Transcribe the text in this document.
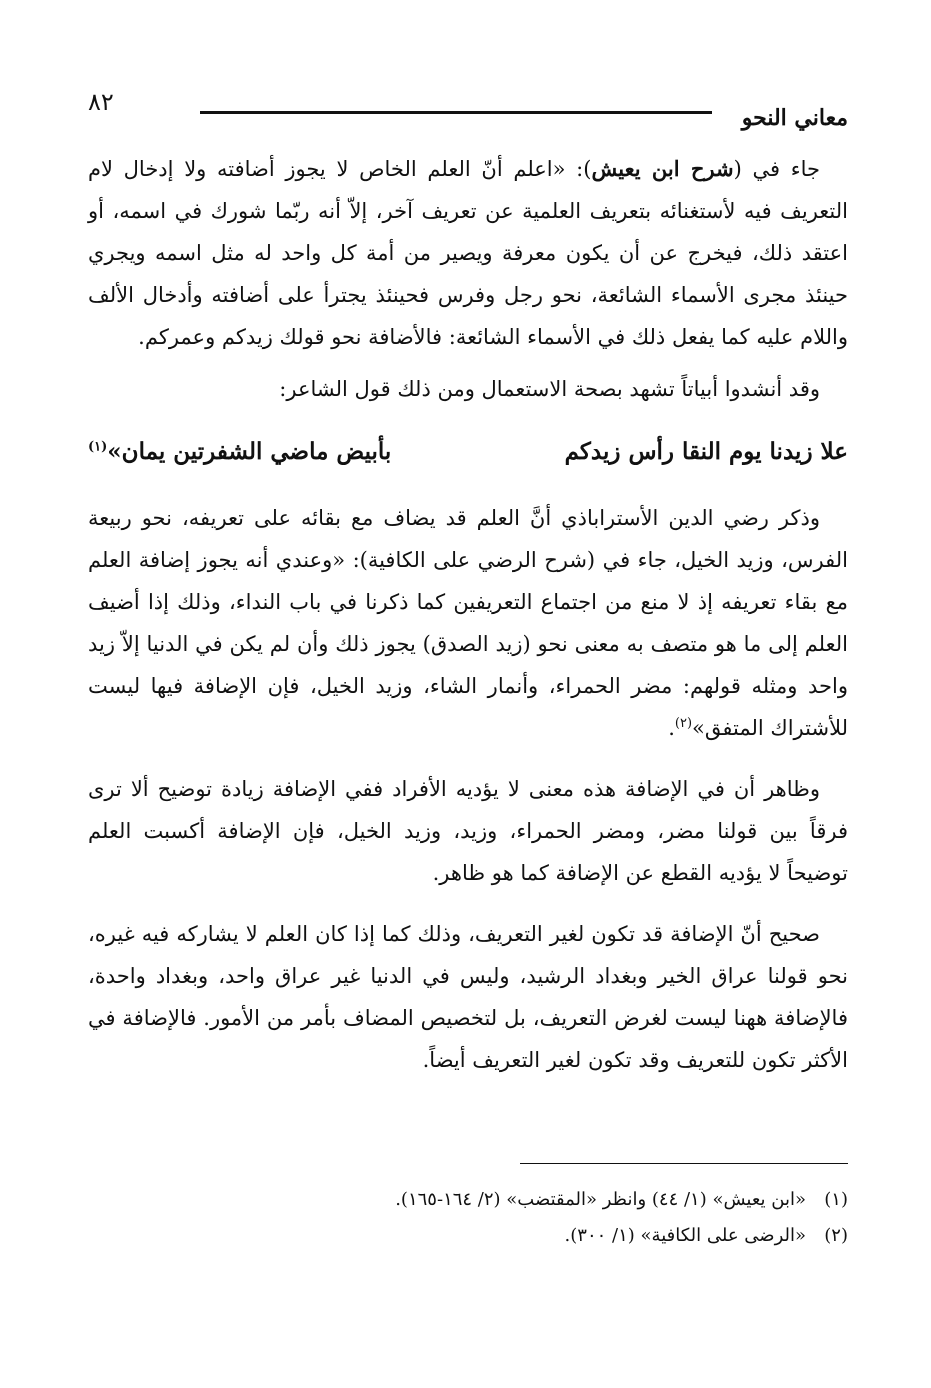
٨٢
معاني النحو

جاء في (شرح ابن يعيش): «اعلم أنّ العلم الخاص لا يجوز أضافته ولا إدخال لام التعريف فيه لأستغنائه بتعريف العلمية عن تعريف آخر، إلاّ أنه ربّما شورك في اسمه، أو اعتقد ذلك، فيخرج عن أن يكون معرفة ويصير من أمة كل واحد له مثل اسمه ويجري حينئذ مجرى الأسماء الشائعة، نحو رجل وفرس فحينئذ يجترأ على أضافته وأدخال الألف واللام عليه كما يفعل ذلك في الأسماء الشائعة: فالأضافة نحو قولك زيدكم وعمركم.

وقد أنشدوا أبياتاً تشهد بصحة الاستعمال ومن ذلك قول الشاعر:

علا زيدنا يوم النقا رأس زيدكم
بأبيض ماضي الشفرتين يمان»$^{(١)}$

وذكر رضي الدين الأستراباذي أنَّ العلم قد يضاف مع بقائه على تعريفه، نحو ربيعة الفرس، وزيد الخيل، جاء في (شرح الرضي على الكافية): «وعندي أنه يجوز إضافة العلم مع بقاء تعريفه إذ لا منع من اجتماع التعريفين كما ذكرنا في باب النداء، وذلك إذا أضيف العلم إلى ما هو متصف به معنى نحو (زيد الصدق) يجوز ذلك وأن لم يكن في الدنيا إلاّ زيد واحد ومثله قولهم: مضر الحمراء، وأنمار الشاء، وزيد الخيل، فإن الإضافة فيها ليست للأشتراك المتفق»$^{(٢)}$.

وظاهر أن في الإضافة هذه معنى لا يؤديه الأفراد ففي الإضافة زيادة توضيح ألا ترى فرقاً بين قولنا مضر، ومضر الحمراء، وزيد، وزيد الخيل، فإن الإضافة أكسبت العلم توضيحاً لا يؤديه القطع عن الإضافة كما هو ظاهر.

صحيح أنّ الإضافة قد تكون لغير التعريف، وذلك كما إذا كان العلم لا يشاركه فيه غيره، نحو قولنا عراق الخير وبغداد الرشيد، وليس في الدنيا غير عراق واحد، وبغداد واحدة، فالإضافة ههنا ليست لغرض التعريف، بل لتخصيص المضاف بأمر من الأمور. فالإضافة في الأكثر تكون للتعريف وقد تكون لغير التعريف أيضاً.

(١)
«ابن يعيش» (١/ ٤٤) وانظر «المقتضب» (٢/ ١٦٤-١٦٥).
(٢)
«الرضى على الكافية» (١/ ٣٠٠).
